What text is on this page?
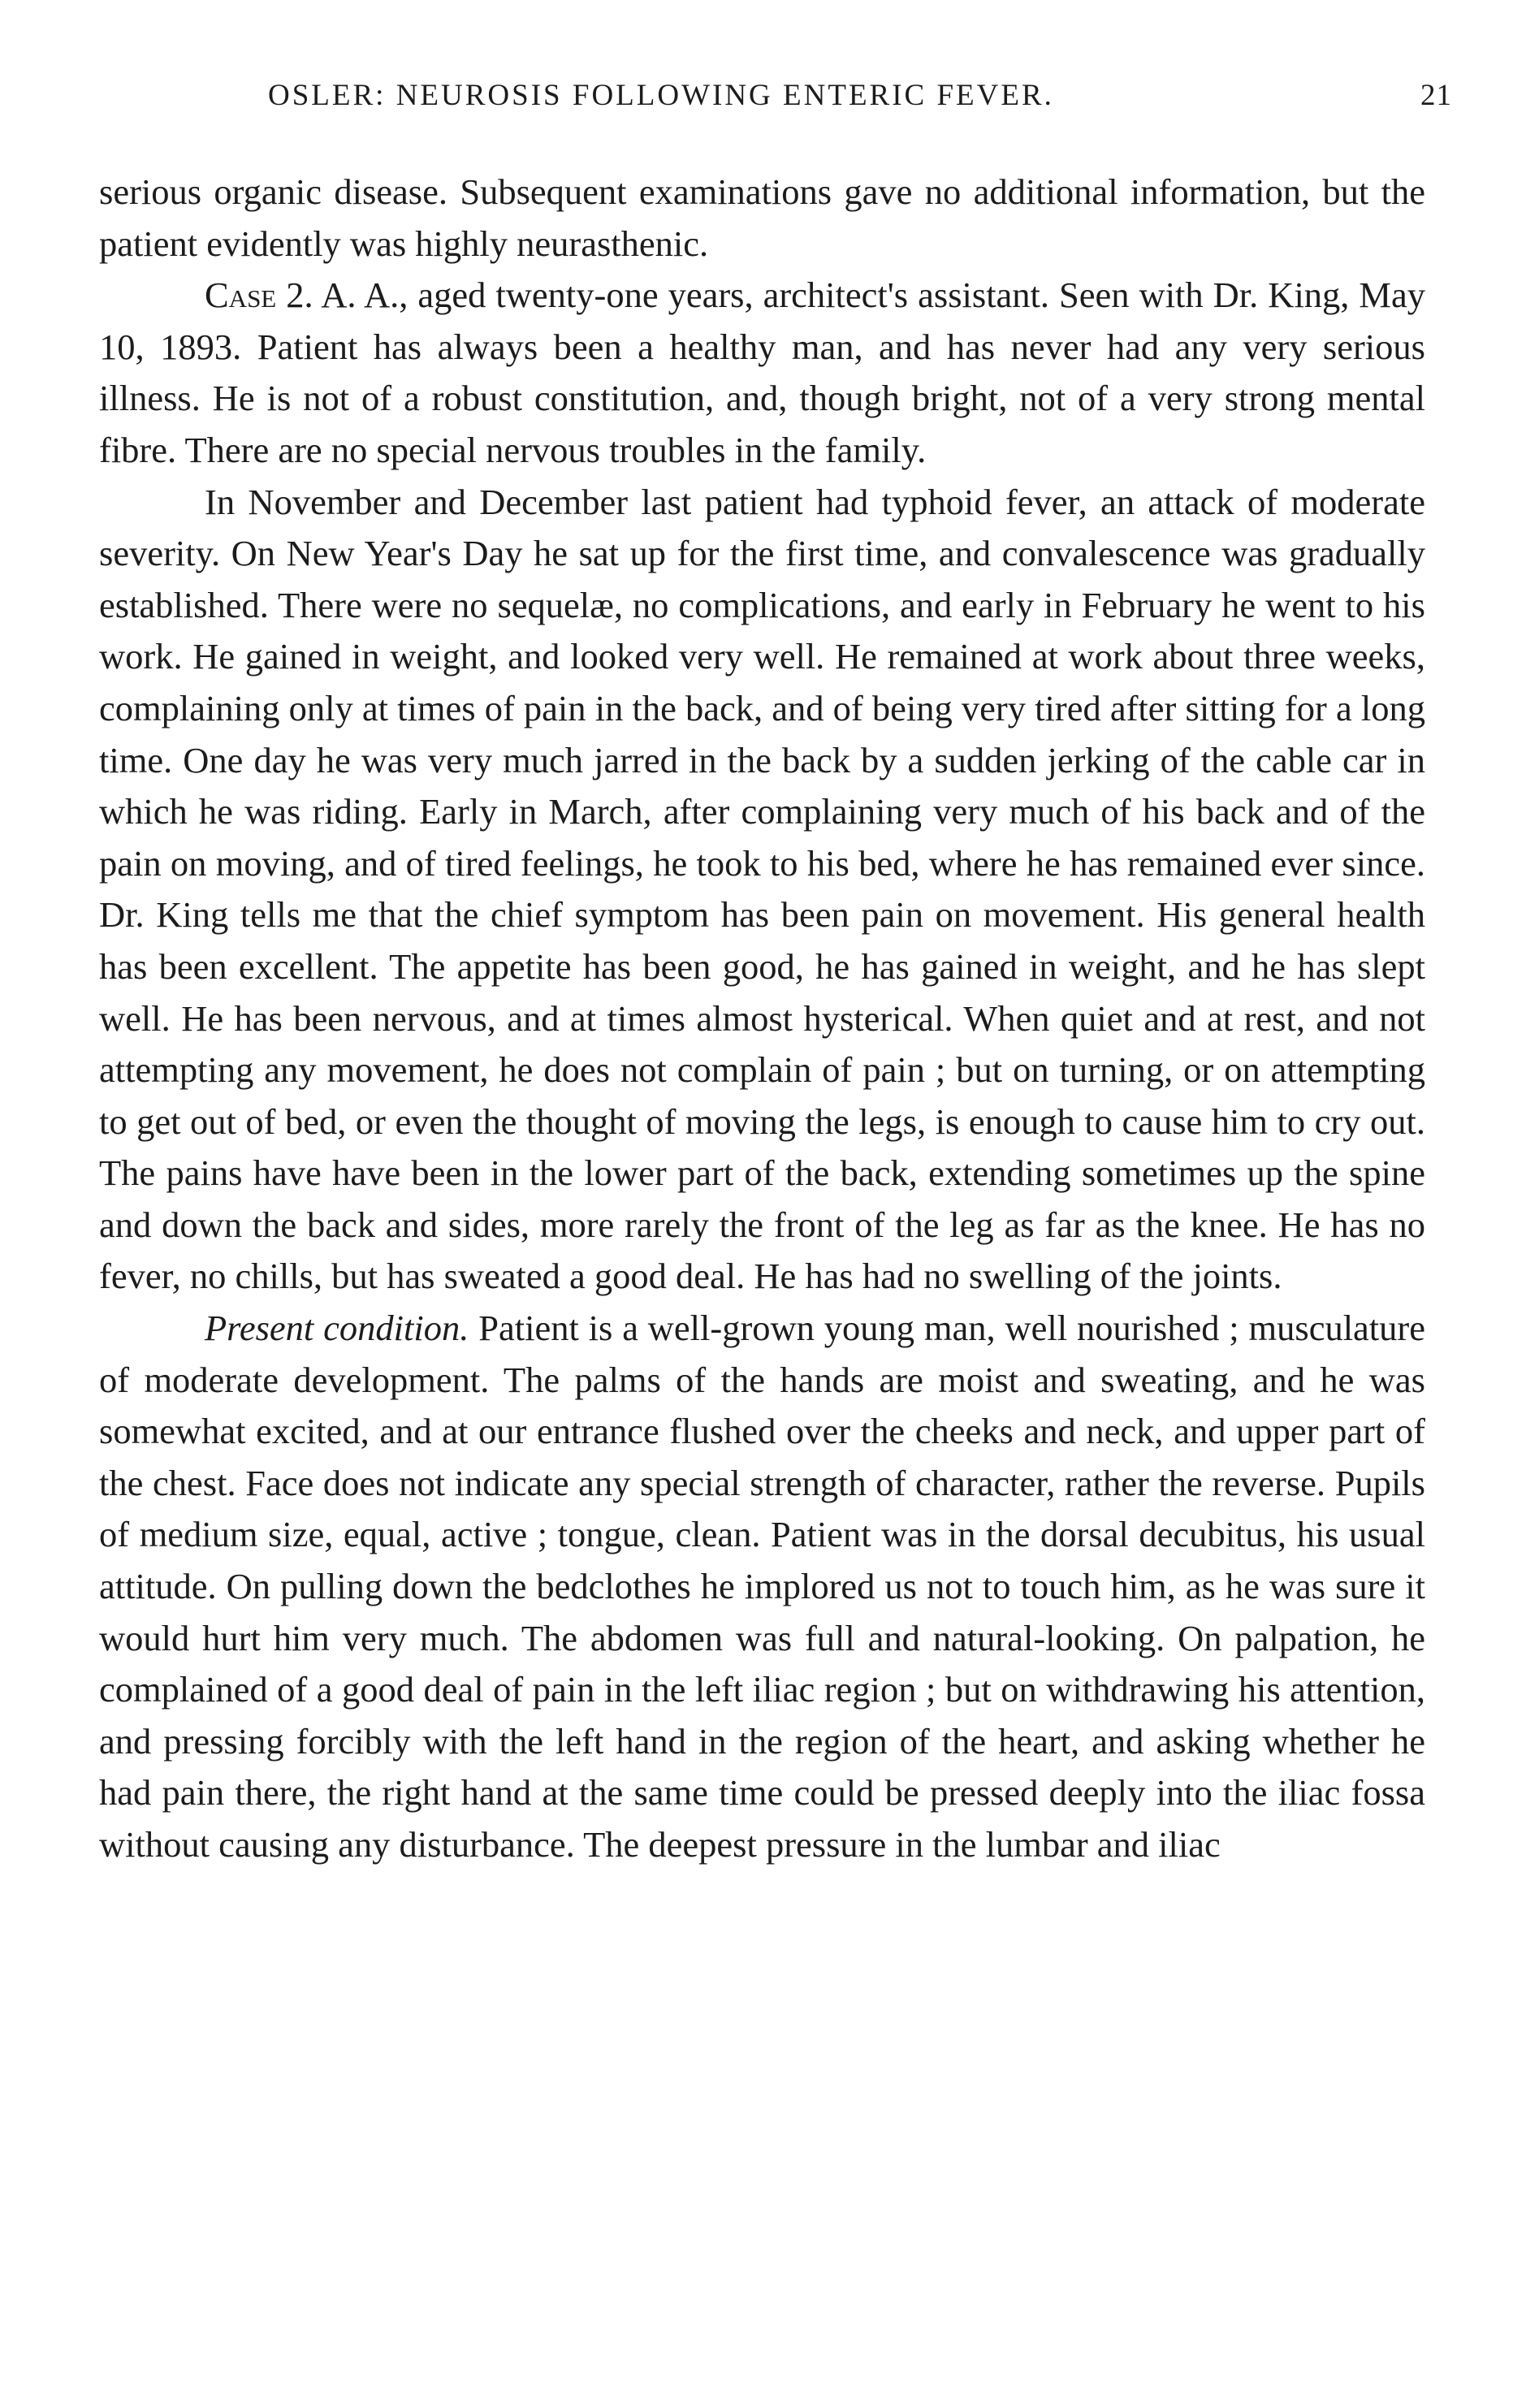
OSLER: NEUROSIS FOLLOWING ENTERIC FEVER.	21

serious organic disease. Subsequent examinations gave no additional information, but the patient evidently was highly neurasthenic.

Case 2. A. A., aged twenty-one years, architect's assistant. Seen with Dr. King, May 10, 1893. Patient has always been a healthy man, and has never had any very serious illness. He is not of a robust constitution, and, though bright, not of a very strong mental fibre. There are no special nervous troubles in the family.

In November and December last patient had typhoid fever, an attack of moderate severity. On New Year's Day he sat up for the first time, and convalescence was gradually established. There were no sequelæ, no complications, and early in February he went to his work. He gained in weight, and looked very well. He remained at work about three weeks, complaining only at times of pain in the back, and of being very tired after sitting for a long time. One day he was very much jarred in the back by a sudden jerking of the cable car in which he was riding. Early in March, after complaining very much of his back and of the pain on moving, and of tired feelings, he took to his bed, where he has remained ever since. Dr. King tells me that the chief symptom has been pain on movement. His general health has been excellent. The appetite has been good, he has gained in weight, and he has slept well. He has been nervous, and at times almost hysterical. When quiet and at rest, and not attempting any movement, he does not complain of pain ; but on turning, or on attempting to get out of bed, or even the thought of moving the legs, is enough to cause him to cry out. The pains have have been in the lower part of the back, extending sometimes up the spine and down the back and sides, more rarely the front of the leg as far as the knee. He has no fever, no chills, but has sweated a good deal. He has had no swelling of the joints.

Present condition. Patient is a well-grown young man, well nourished ; musculature of moderate development. The palms of the hands are moist and sweating, and he was somewhat excited, and at our entrance flushed over the cheeks and neck, and upper part of the chest. Face does not indicate any special strength of character, rather the reverse. Pupils of medium size, equal, active ; tongue, clean. Patient was in the dorsal decubitus, his usual attitude. On pulling down the bedclothes he implored us not to touch him, as he was sure it would hurt him very much. The abdomen was full and natural-looking. On palpation, he complained of a good deal of pain in the left iliac region ; but on withdrawing his attention, and pressing forcibly with the left hand in the region of the heart, and asking whether he had pain there, the right hand at the same time could be pressed deeply into the iliac fossa without causing any disturbance. The deepest pressure in the lumbar and iliac
